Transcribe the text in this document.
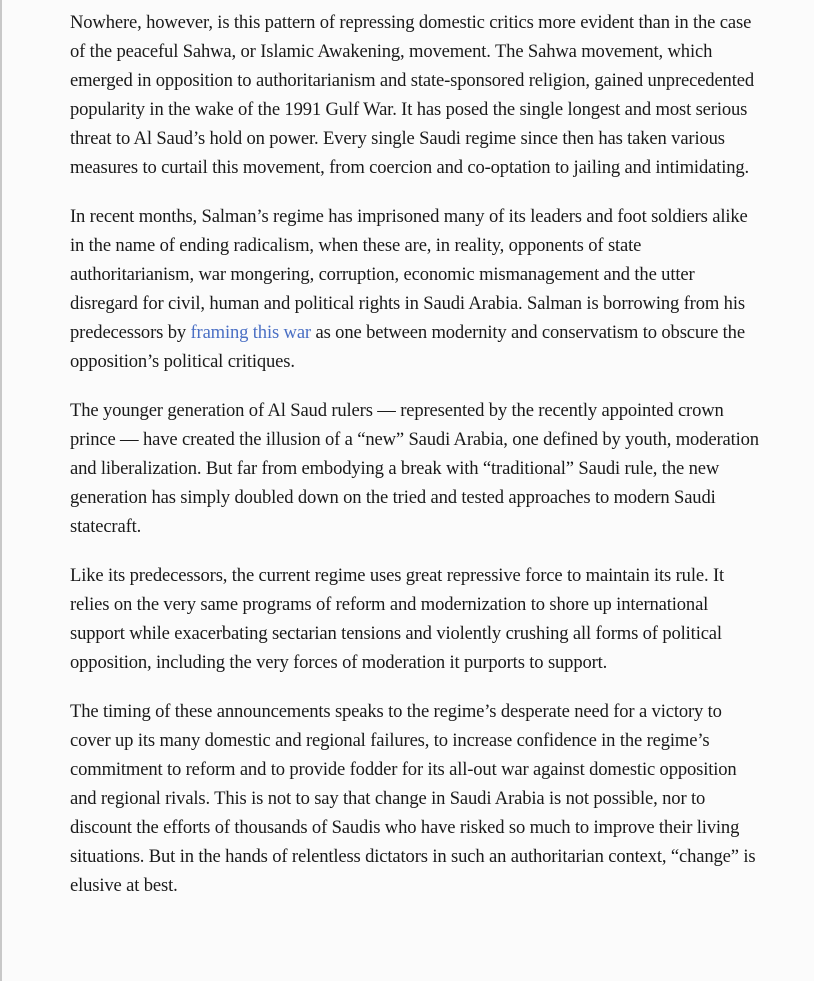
Nowhere, however, is this pattern of repressing domestic critics more evident than in the case of the peaceful Sahwa, or Islamic Awakening, movement. The Sahwa movement, which emerged in opposition to authoritarianism and state-sponsored religion, gained unprecedented popularity in the wake of the 1991 Gulf War. It has posed the single longest and most serious threat to Al Saud’s hold on power. Every single Saudi regime since then has taken various measures to curtail this movement, from coercion and co-optation to jailing and intimidating.

In recent months, Salman’s regime has imprisoned many of its leaders and foot soldiers alike in the name of ending radicalism, when these are, in reality, opponents of state authoritarianism, war mongering, corruption, economic mismanagement and the utter disregard for civil, human and political rights in Saudi Arabia. Salman is borrowing from his predecessors by framing this war as one between modernity and conservatism to obscure the opposition’s political critiques.

The younger generation of Al Saud rulers — represented by the recently appointed crown prince — have created the illusion of a “new” Saudi Arabia, one defined by youth, moderation and liberalization. But far from embodying a break with “traditional” Saudi rule, the new generation has simply doubled down on the tried and tested approaches to modern Saudi statecraft.

Like its predecessors, the current regime uses great repressive force to maintain its rule. It relies on the very same programs of reform and modernization to shore up international support while exacerbating sectarian tensions and violently crushing all forms of political opposition, including the very forces of moderation it purports to support.

The timing of these announcements speaks to the regime’s desperate need for a victory to cover up its many domestic and regional failures, to increase confidence in the regime’s commitment to reform and to provide fodder for its all-out war against domestic opposition and regional rivals. This is not to say that change in Saudi Arabia is not possible, nor to discount the efforts of thousands of Saudis who have risked so much to improve their living situations. But in the hands of relentless dictators in such an authoritarian context, “change” is elusive at best.
